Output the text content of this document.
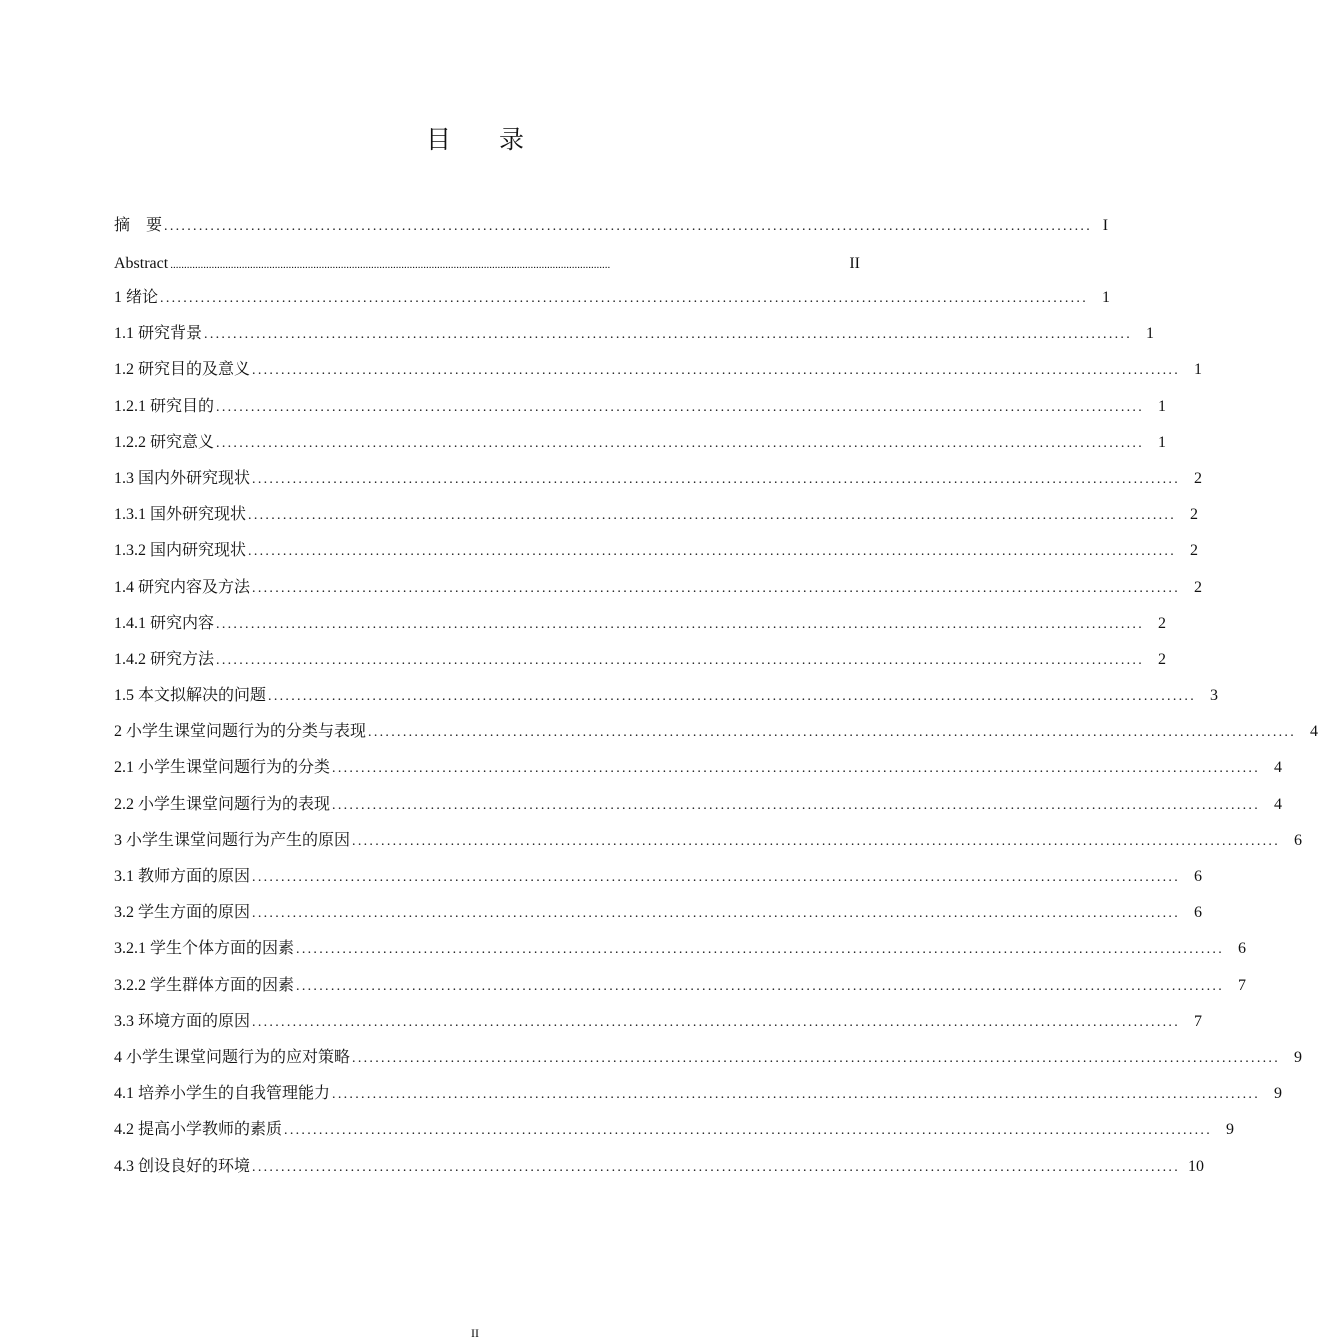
目 录
摘　要 ................................................................................................................................................................ I
Abstract ................................................................................................................................................................	II
1 绪论 ................................................................................................................................................................ 1
1.1 研究背景 ................................................................................................................................................................ 1
1.2 研究目的及意义 ................................................................................................................................................................ 1
1.2.1 研究目的 ................................................................................................................................................................ 1
1.2.2 研究意义 ................................................................................................................................................................ 1
1.3 国内外研究现状 ................................................................................................................................................................ 2
1.3.1 国外研究现状 ................................................................................................................................................................ 2
1.3.2 国内研究现状 ................................................................................................................................................................ 2
1.4 研究内容及方法 ................................................................................................................................................................ 2
1.4.1 研究内容 ................................................................................................................................................................ 2
1.4.2 研究方法 ................................................................................................................................................................ 2
1.5 本文拟解决的问题 ................................................................................................................................................................ 3
2 小学生课堂问题行为的分类与表现 ................................................................................................................................................................ 4
2.1 小学生课堂问题行为的分类 ................................................................................................................................................................ 4
2.2 小学生课堂问题行为的表现 ................................................................................................................................................................ 4
3 小学生课堂问题行为产生的原因 ................................................................................................................................................................ 6
3.1 教师方面的原因 ................................................................................................................................................................ 6
3.2 学生方面的原因 ................................................................................................................................................................ 6
3.2.1 学生个体方面的因素 ................................................................................................................................................................ 6
3.2.2 学生群体方面的因素 ................................................................................................................................................................ 7
3.3 环境方面的原因 ................................................................................................................................................................ 7
4 小学生课堂问题行为的应对策略 ................................................................................................................................................................ 9
4.1 培养小学生的自我管理能力 ................................................................................................................................................................ 9
4.2 提高小学教师的素质 ................................................................................................................................................................ 9
4.3 创设良好的环境 ................................................................................................................................................................ 10
II
